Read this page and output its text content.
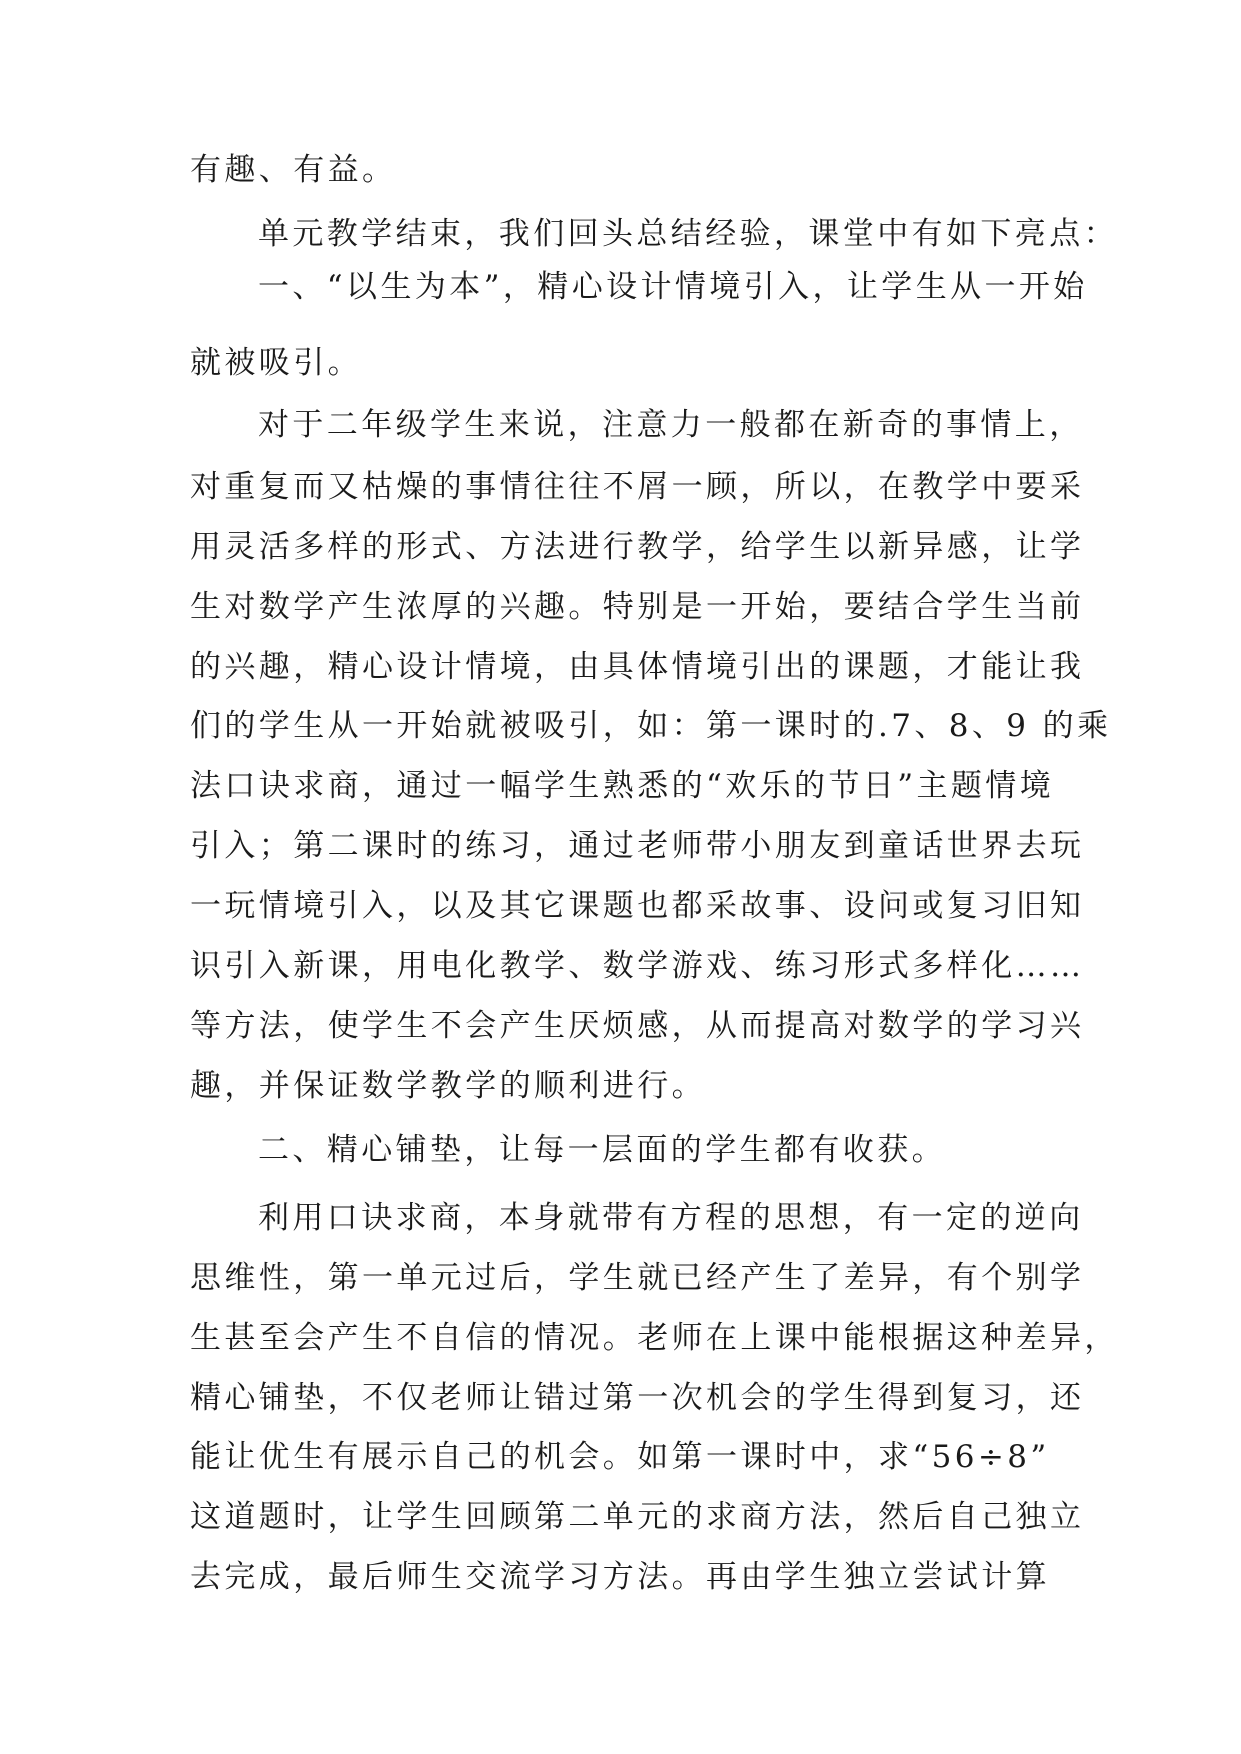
有趣、有益。
单元教学结束，我们回头总结经验，课堂中有如下亮点：
一、“以生为本”，精心设计情境引入，让学生从一开始
就被吸引。
对于二年级学生来说，注意力一般都在新奇的事情上，
对重复而又枯燥的事情往往不屑一顾，所以，在教学中要采
用灵活多样的形式、方法进行教学，给学生以新异感，让学
生对数学产生浓厚的兴趣。特别是一开始，要结合学生当前
的兴趣，精心设计情境，由具体情境引出的课题，才能让我
们的学生从一开始就被吸引，如：第一课时的.7、8、9 的乘
法口诀求商，通过一幅学生熟悉的“欢乐的节日”主题情境
引入；第二课时的练习，通过老师带小朋友到童话世界去玩
一玩情境引入，以及其它课题也都采故事、设问或复习旧知
识引入新课，用电化教学、数学游戏、练习形式多样化……
等方法，使学生不会产生厌烦感，从而提高对数学的学习兴
趣，并保证数学教学的顺利进行。
二、精心铺垫，让每一层面的学生都有收获。
利用口诀求商，本身就带有方程的思想，有一定的逆向
思维性，第一单元过后，学生就已经产生了差异，有个别学
生甚至会产生不自信的情况。老师在上课中能根据这种差异，
精心铺垫，不仅老师让错过第一次机会的学生得到复习，还
能让优生有展示自己的机会。如第一课时中，求“56÷8”
这道题时，让学生回顾第二单元的求商方法，然后自己独立
去完成，最后师生交流学习方法。再由学生独立尝试计算
